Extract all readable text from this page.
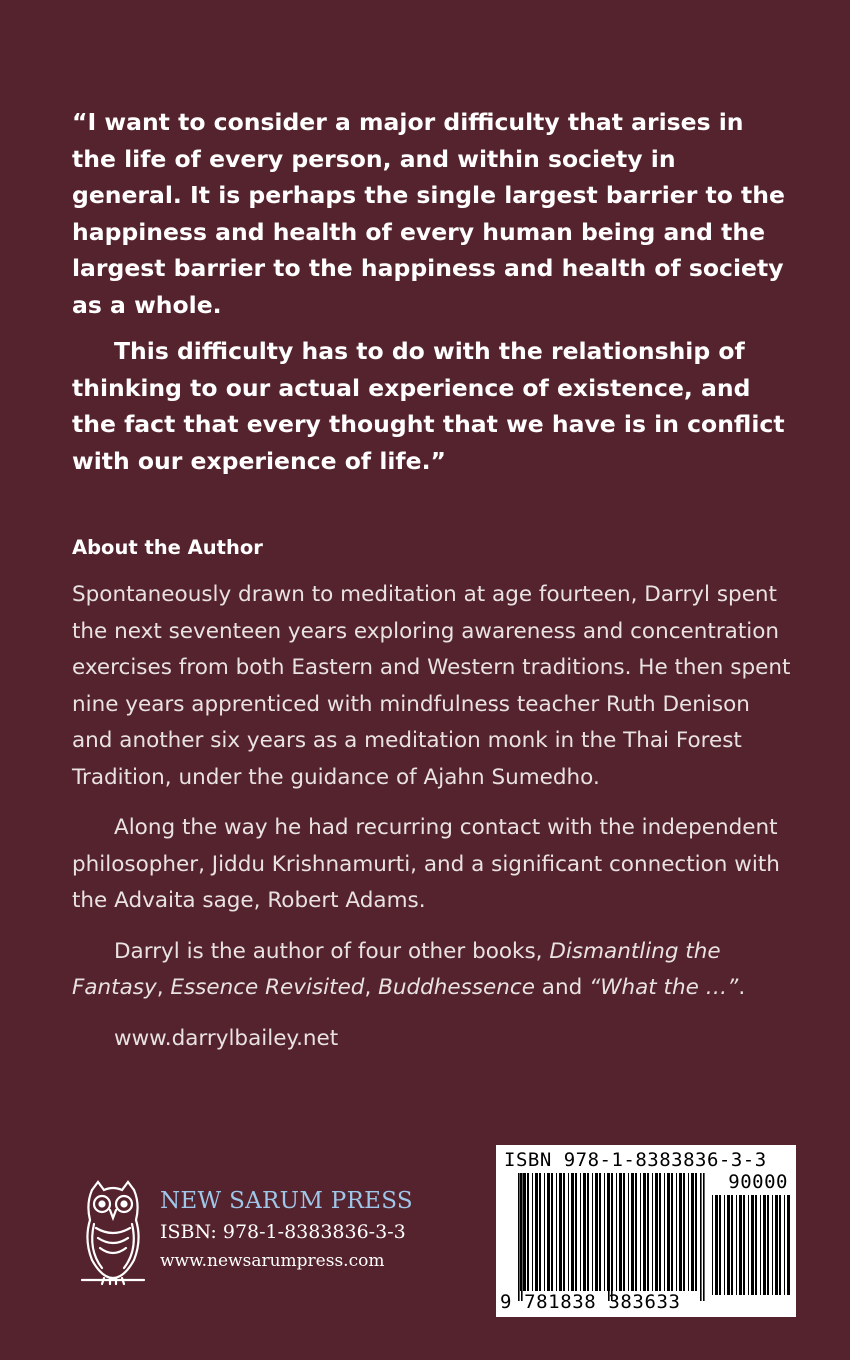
“I want to consider a major difficulty that arises in the life of every person, and within society in general. It is perhaps the single largest barrier to the happiness and health of every human being and the largest barrier to the happiness and health of society as a whole.

This difficulty has to do with the relationship of thinking to our actual experience of existence, and the fact that every thought that we have is in conflict with our experience of life.”

About the Author

Spontaneously drawn to meditation at age fourteen, Darryl spent the next seventeen years exploring awareness and concentration exercises from both Eastern and Western traditions. He then spent nine years apprenticed with mindfulness teacher Ruth Denison and another six years as a meditation monk in the Thai Forest Tradition, under the guidance of Ajahn Sumedho.

Along the way he had recurring contact with the independent philosopher, Jiddu Krishnamurti, and a significant connection with the Advaita sage, Robert Adams.

Darryl is the author of four other books, Dismantling the Fantasy, Essence Revisited, Buddhessence and “What the …”.

www.darrylbailey.net

NEW SARUM PRESS
ISBN: 978-1-8383836-3-3
www.newsarumpress.com
ISBN 978-1-8383836-3-3
90000
9 781838 383633
